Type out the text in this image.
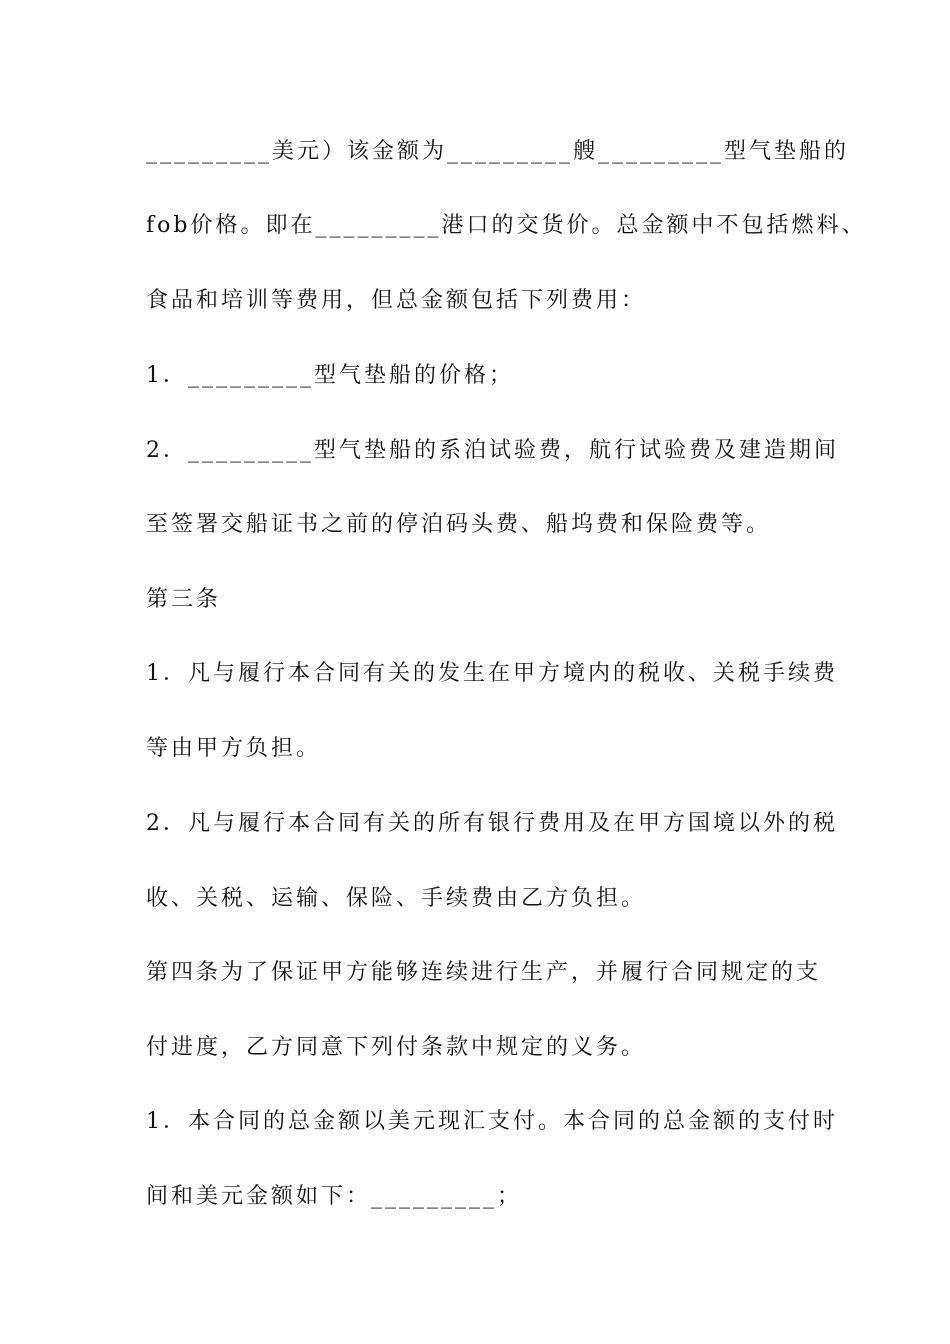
_________美元）该金额为_________艘_________型气垫船的
fob价格。即在_________港口的交货价。总金额中不包括燃料、
食品和培训等费用，但总金额包括下列费用：
1．_________型气垫船的价格；
2．_________型气垫船的系泊试验费，航行试验费及建造期间
至签署交船证书之前的停泊码头费、船坞费和保险费等。
第三条
1．凡与履行本合同有关的发生在甲方境内的税收、关税手续费
等由甲方负担。
2．凡与履行本合同有关的所有银行费用及在甲方国境以外的税
收、关税、运输、保险、手续费由乙方负担。
第四条为了保证甲方能够连续进行生产，并履行合同规定的支
付进度，乙方同意下列付条款中规定的义务。
1．本合同的总金额以美元现汇支付。本合同的总金额的支付时
间和美元金额如下：_________；
